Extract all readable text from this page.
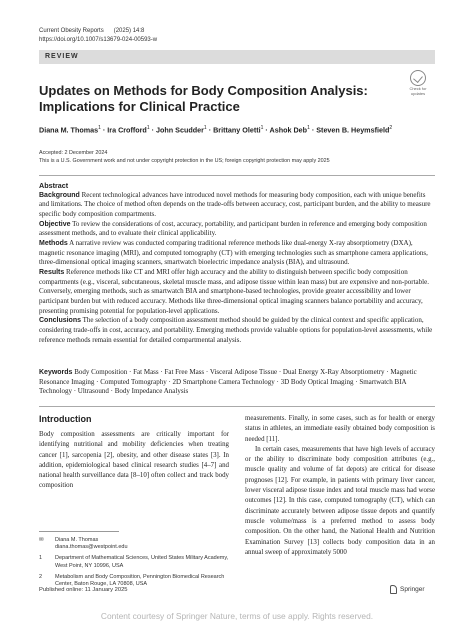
Current Obesity Reports (2025) 14:8
https://doi.org/10.1007/s13679-024-00593-w
REVIEW
Check for updates
Updates on Methods for Body Composition Analysis: Implications for Clinical Practice
Diana M. Thomas$^1$ · Ira Crofford$^1$ · John Scudder$^1$ · Brittany Oletti$^1$ · Ashok Deb$^1$ · Steven B. Heymsfield$^2$
Accepted: 2 December 2024
This is a U.S. Government work and not under copyright protection in the US; foreign copyright protection may apply 2025
Abstract
Background Recent technological advances have introduced novel methods for measuring body composition, each with unique benefits and limitations. The choice of method often depends on the trade-offs between accuracy, cost, participant burden, and the ability to measure specific body composition compartments.
Objective To review the considerations of cost, accuracy, portability, and participant burden in reference and emerging body composition assessment methods, and to evaluate their clinical applicability.
Methods A narrative review was conducted comparing traditional reference methods like dual-energy X-ray absorptiometry (DXA), magnetic resonance imaging (MRI), and computed tomography (CT) with emerging technologies such as smartphone camera applications, three-dimensional optical imaging scanners, smartwatch bioelectric impedance analysis (BIA), and ultrasound.
Results Reference methods like CT and MRI offer high accuracy and the ability to distinguish between specific body composition compartments (e.g., visceral, subcutaneous, skeletal muscle mass, and adipose tissue within lean mass) but are expensive and non-portable. Conversely, emerging methods, such as smartwatch BIA and smartphone-based technologies, provide greater accessibility and lower participant burden but with reduced accuracy. Methods like three-dimensional optical imaging scanners balance portability and accuracy, presenting promising potential for population-level applications.
Conclusions The selection of a body composition assessment method should be guided by the clinical context and specific application, considering trade-offs in cost, accuracy, and portability. Emerging methods provide valuable options for population-level assessments, while reference methods remain essential for detailed compartmental analysis.
Keywords Body Composition · Fat Mass · Fat Free Mass · Visceral Adipose Tissue · Dual Energy X-Ray Absorptiometry · Magnetic Resonance Imaging · Computed Tomography · 2D Smartphone Camera Technology · 3D Body Optical Imaging · Smartwatch BIA Technology · Ultrasound · Body Impedance Analysis
Introduction

Body composition assessments are critically important for identifying nutritional and mobility deficiencies when treating cancer [1], sarcopenia [2], obesity, and other disease states [3]. In addition, epidemiological based clinical research studies [4–7] and national health surveillance data [8–10] often collect and track body composition

measurements. Finally, in some cases, such as for health or energy status in athletes, an immediate easily obtained body composition is needed [11].

In certain cases, measurements that have high levels of accuracy or the ability to discriminate body composition attributes (e.g., muscle quality and volume of fat depots) are critical for disease prognoses [12]. For example, in patients with primary liver cancer, lower visceral adipose tissue index and total muscle mass had worse outcomes [12]. In this case, computed tomography (CT), which can discriminate accurately between adipose tissue depots and quantify muscle volume/mass is a preferred method to assess body composition. On the other hand, the National Health and Nutrition Examination Survey [13] collects body composition data in an annual sweep of approximately 5000

✉	Diana M. Thomas
diana.thomas@westpoint.edu
1	Department of Mathematical Sciences, United States Military Academy, West Point, NY 10996, USA
2	Metabolism and Body Composition, Pennington Biomedical Research Center, Baton Rouge, LA 70808, USA
Published online: 11 January 2025	Springer
Content courtesy of Springer Nature, terms of use apply. Rights reserved.
